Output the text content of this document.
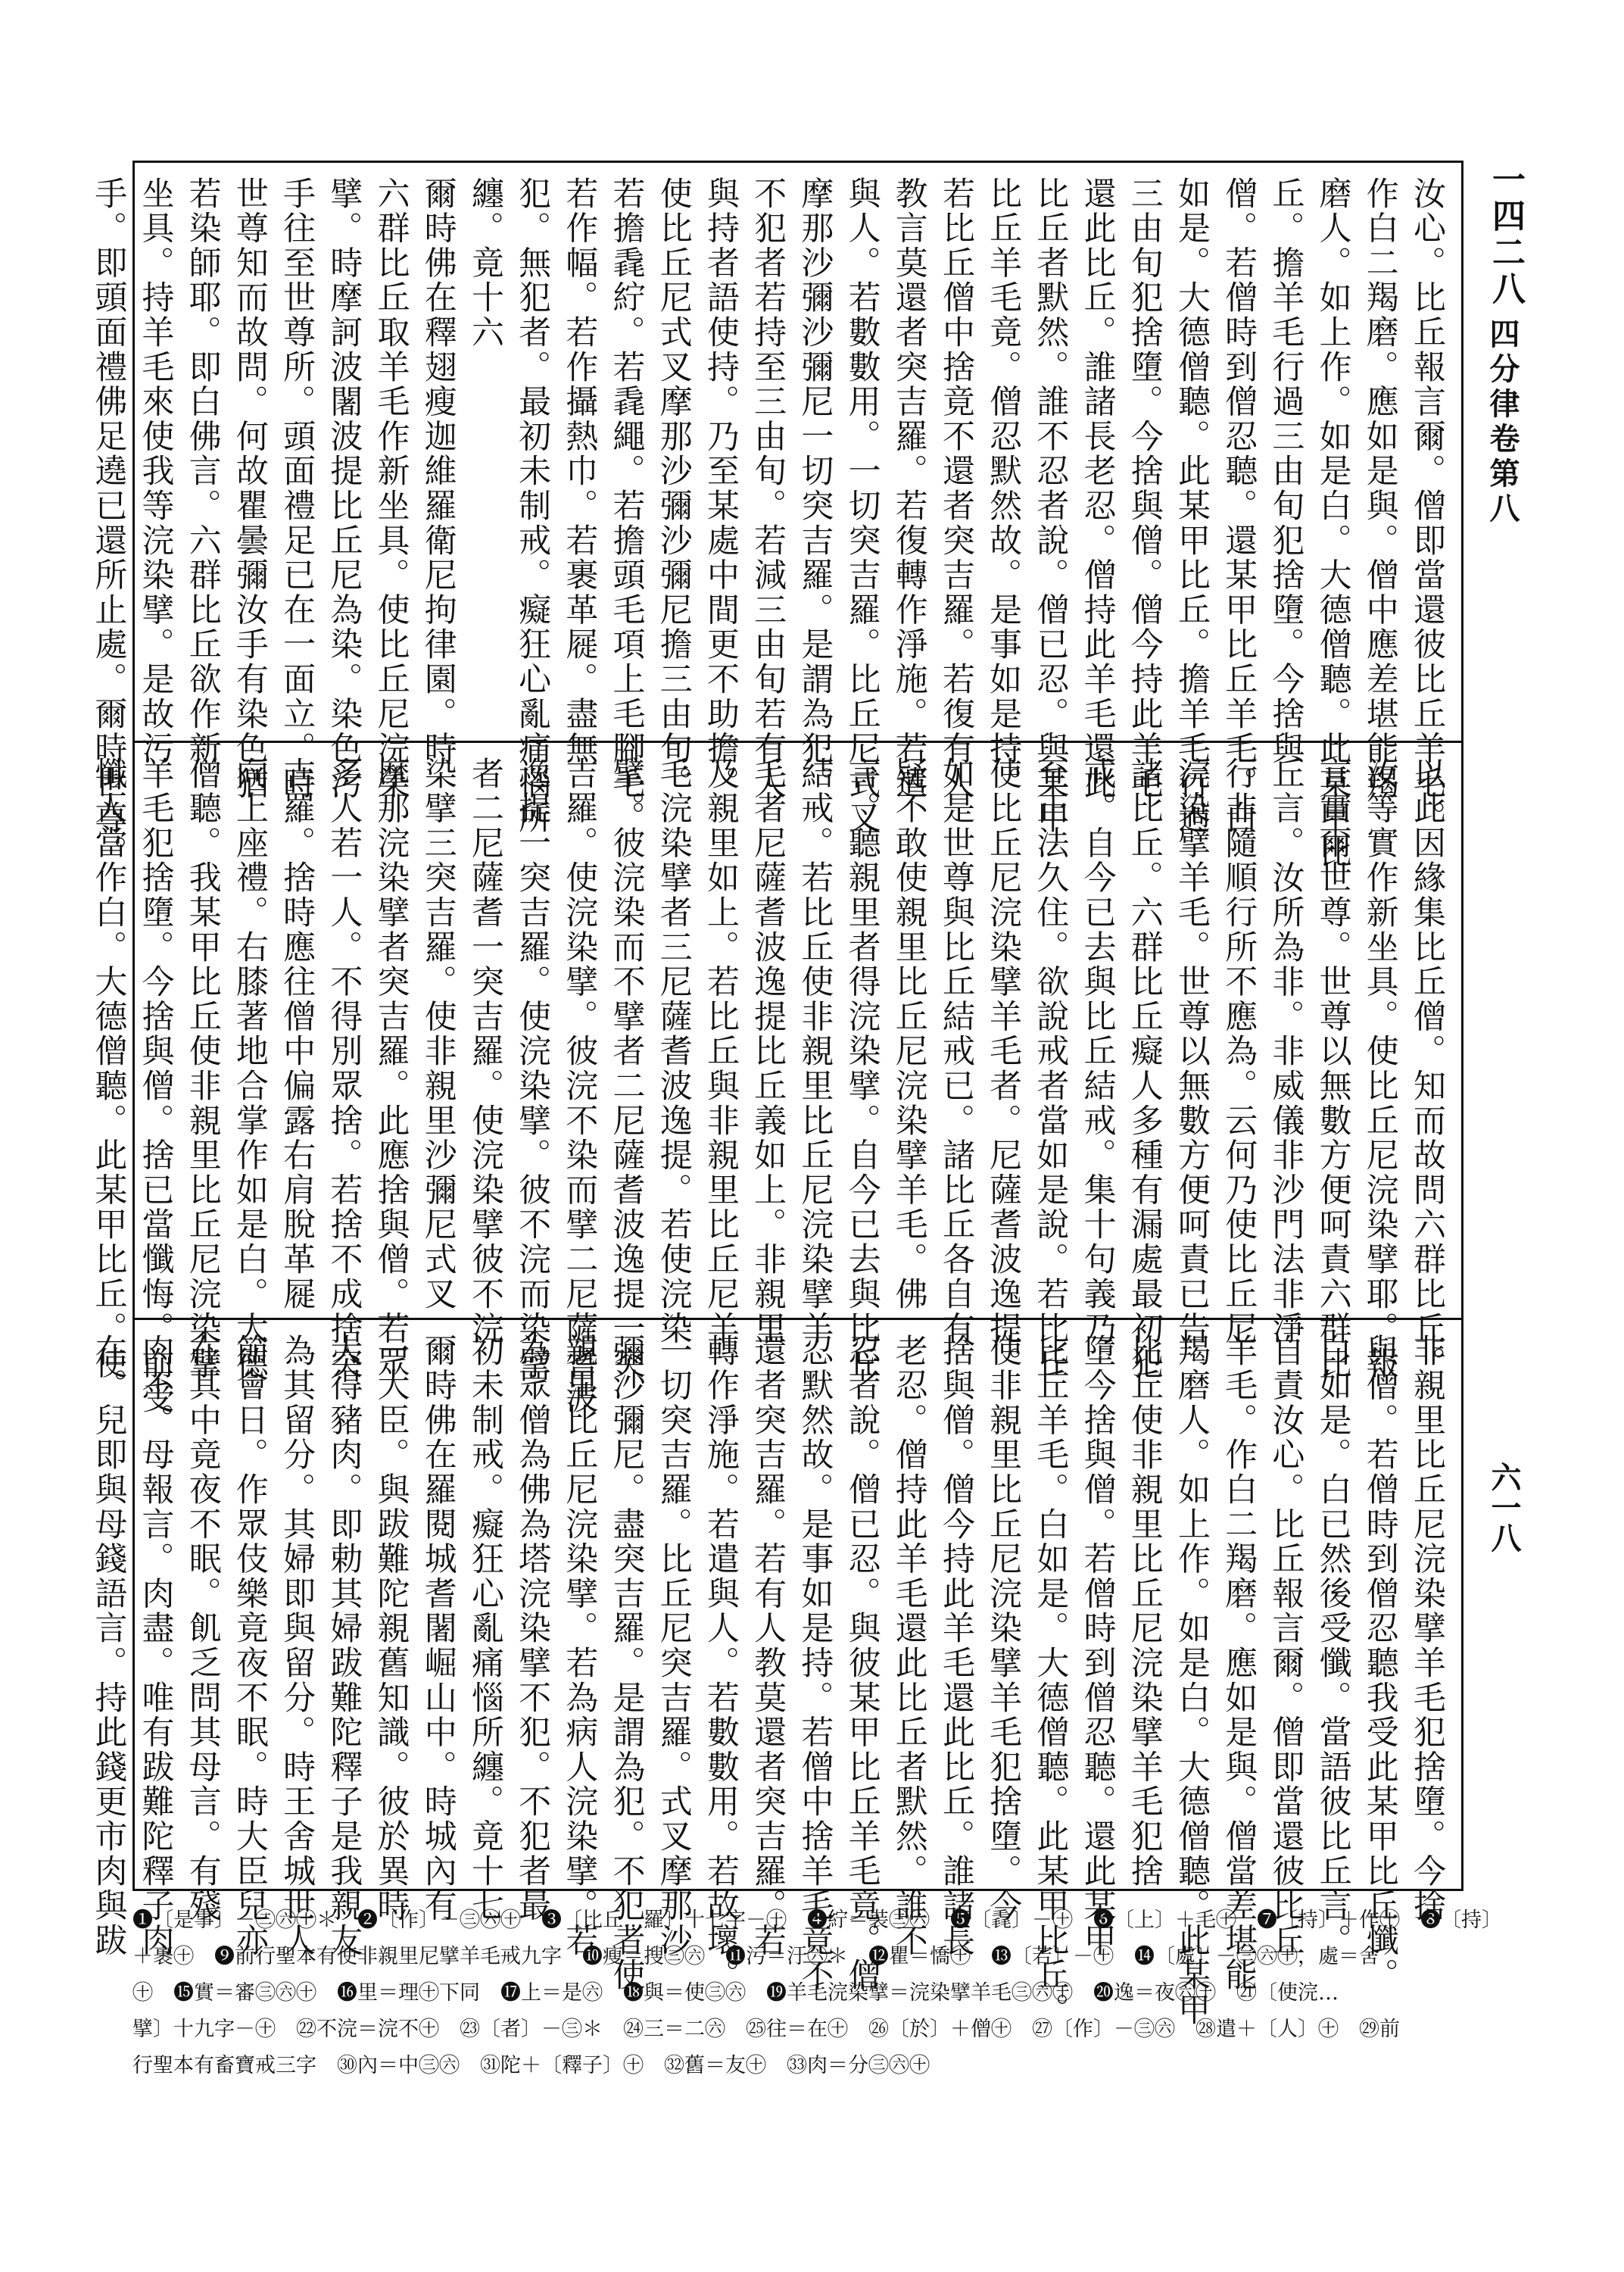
一四二八
四分律卷第八
六一八
汝心。比丘報言爾。僧即當還彼比丘羊毛。
作白二羯磨。應如是與。僧中應差堪能羯
磨人。如上作。如是白。大德僧聽。此某甲比
丘。擔羊毛行過三由旬犯捨墮。今捨與
僧。若僧時到僧忍聽。還某甲比丘羊毛。白
如是。大德僧聽。此某甲比丘。擔羊毛行過
三由旬犯捨墮。今捨與僧。僧今持此羊毛
還此比丘。誰諸長老忍。僧持此羊毛還此
比丘者默然。誰不忍者說。僧已忍。與某甲
比丘羊毛竟。僧忍默然故。是事如是持。
若比丘僧中捨竟不還者突吉羅。若復有人
教言莫還者突吉羅。若復轉作淨施。若遣
與人。若數數用。一切突吉羅。比丘尼式叉
摩那沙彌沙彌尼一切突吉羅。是謂為犯。
不犯者若持至三由旬。若減三由旬若有人
與持者語使持。乃至某處中間更不助擔。
使比丘尼式叉摩那沙彌沙彌尼擔三由旬。
若擔毳紵。若毳繩。若擔頭毛項上毛腳毛。
若作幅。若作攝熱巾。若裹革屣。盡無
犯。無犯者。最初未制戒。癡狂心亂痛惱所
纏。竟十六
爾時佛在釋翅瘦迦維羅衛尼拘律園。時
六群比丘取羊毛作新坐具。使比丘尼浣染
擘。時摩訶波闍波提比丘尼為染。染色污
手往至世尊所。頭面禮足已在一面立。時
世尊知而故問。何故瞿曇彌汝手有染色猶
若染師耶。即白佛言。六群比丘欲作新
坐具。持羊毛來使我等浣染擘。是故污
手。即頭面禮佛足遶已還所止處。爾時世尊。
以此因緣集比丘僧。知而故問六群比丘。
汝等實作新坐具。使比丘尼浣染擘耶。報
言實爾世尊。世尊以無數方便呵責六群比
丘言。汝所為非。非威儀非沙門法非淨
行非隨順行所不應為。云何乃使比丘尼
浣染擘羊毛。世尊以無數方便呵責已告
諸比丘。六群比丘癡人多種有漏處最初犯
戒。自今已去與比丘結戒。集十句義乃
至正法久住。欲說戒者當如是說。若比丘
使比丘尼浣染擘羊毛者。尼薩耆波逸提。
如是世尊與比丘結戒已。諸比丘各自有
疑不敢使親里比丘尼浣染擘羊毛。佛
言。聽親里者得浣染擘。自今已去與比丘
結戒。若比丘使非親里比丘尼浣染擘羊
毛者尼薩耆波逸提比丘義如上。非親里
及親里如上。若比丘與非親里比丘尼羊
毛浣染擘者三尼薩耆波逸提。若使浣染
擘。彼浣染而不擘者二尼薩耆波逸提一突
吉羅。使浣染擘。彼浣不染而擘二尼薩耆波
逸提一突吉羅。使浣染擘。彼不浣而染擘
者二尼薩耆一突吉羅。使浣染擘彼不浣
染擘三突吉羅。使非親里沙彌尼式叉
摩那浣染擘者突吉羅。此應捨與僧。若眾
多人若一人。不得別眾捨。若捨不成捨突
吉羅。捨時應往僧中偏露右肩脫革屣
向上座禮。右膝著地合掌作如是白。大德
僧聽。我某甲比丘使非親里比丘尼浣染擘
羊毛犯捨墮。今捨與僧。捨已當懺悔。前受
懺人當作白。大德僧聽。此某甲比丘。使
非親里比丘尼浣染擘羊毛犯捨墮。今捨
與僧。若僧時到僧忍聽我受此某甲比丘懺。
白如是。白已然後受懺。當語彼比丘言。
自責汝心。比丘報言爾。僧即當還彼比丘
羊毛。作白二羯磨。應如是與。僧當差堪能
羯磨人。如上作。如是白。大德僧聽。此某甲
比丘使非親里比丘尼浣染擘羊毛犯捨
墮今捨與僧。若僧時到僧忍聽。還此某甲
比丘羊毛。白如是。大德僧聽。此某甲比丘。
使非親里比丘尼浣染擘羊毛犯捨墮。今
捨與僧。僧今持此羊毛還此比丘。誰諸長
老忍。僧持此羊毛還此比丘者默然。誰不
忍者說。僧已忍。與彼某甲比丘羊毛竟。僧
忍默然故。是事如是持。若僧中捨羊毛竟不
還者突吉羅。若有人教莫還者突吉羅。若
轉作淨施。若遣與人。若數數用。若故壞。
一切突吉羅。比丘尼突吉羅。式叉摩那沙
彌沙彌尼。盡突吉羅。是謂為犯。不犯者使
親里比丘尼浣染擘。若為病人浣染擘。若
為眾僧為佛為塔浣染擘不犯。不犯者最
初未制戒。癡狂心亂痛惱所纏。竟十七
爾時佛在羅閱城耆闍崛山中。時城內有
一大臣。與跋難陀親舊知識。彼於異時
大得豬肉。即勅其婦跋難陀釋子是我親友
為其留分。其婦即與留分。時王舍城世人
節會日。作眾伎樂竟夜不眠。時大臣兒亦
在其中竟夜不眠。飢乏問其母言。有殘
肉不。母報言。肉盡。唯有跋難陀釋子肉
在。兒即與母錢語言。持此錢更市肉與跋 ❶〔是事〕－㊂㊅㊉＊　❷〔作〕－㊂㊅㊉　❸〔比丘…羅〕十七字－㊉　❹紵＝裝㊂㊅　❺〔毳〕－㊉　❻〔上〕＋毛㊉　❼〔持〕＋作㊉　❽〔持〕
＋裹㊉　❾前行聖本有使非親里尼擘羊毛戒九字　❿瘦＝搜㊂㊅　⓫污＝汙㊅＊　⓬瞿＝憍㊉　⓭〔若〕－㊉　⓮〔處〕－㊂㊅㊉，處＝舍
㊉　⓯實＝審㊂㊅㊉　⓰里＝理㊉下同　⓱上＝是㊅　⓲與＝使㊂㊅　⓳羊毛浣染擘＝浣染擘羊毛㊂㊅㊉　⓴逸＝夜㊅㊉　㉑〔使浣…
擘〕十九字－㊉　㉒不浣＝浣不㊉　㉓〔者〕－㊂＊　㉔三＝二㊅　㉕往＝在㊉　㉖〔於〕＋僧㊉　㉗〔作〕－㊂㊅　㉘遣＋〔人〕㊉　㉙前
行聖本有畜寶戒三字　㉚內＝中㊂㊅　㉛陀＋〔釋子〕㊉　㉜舊＝友㊉　㉝肉＝分㊂㊅㊉
